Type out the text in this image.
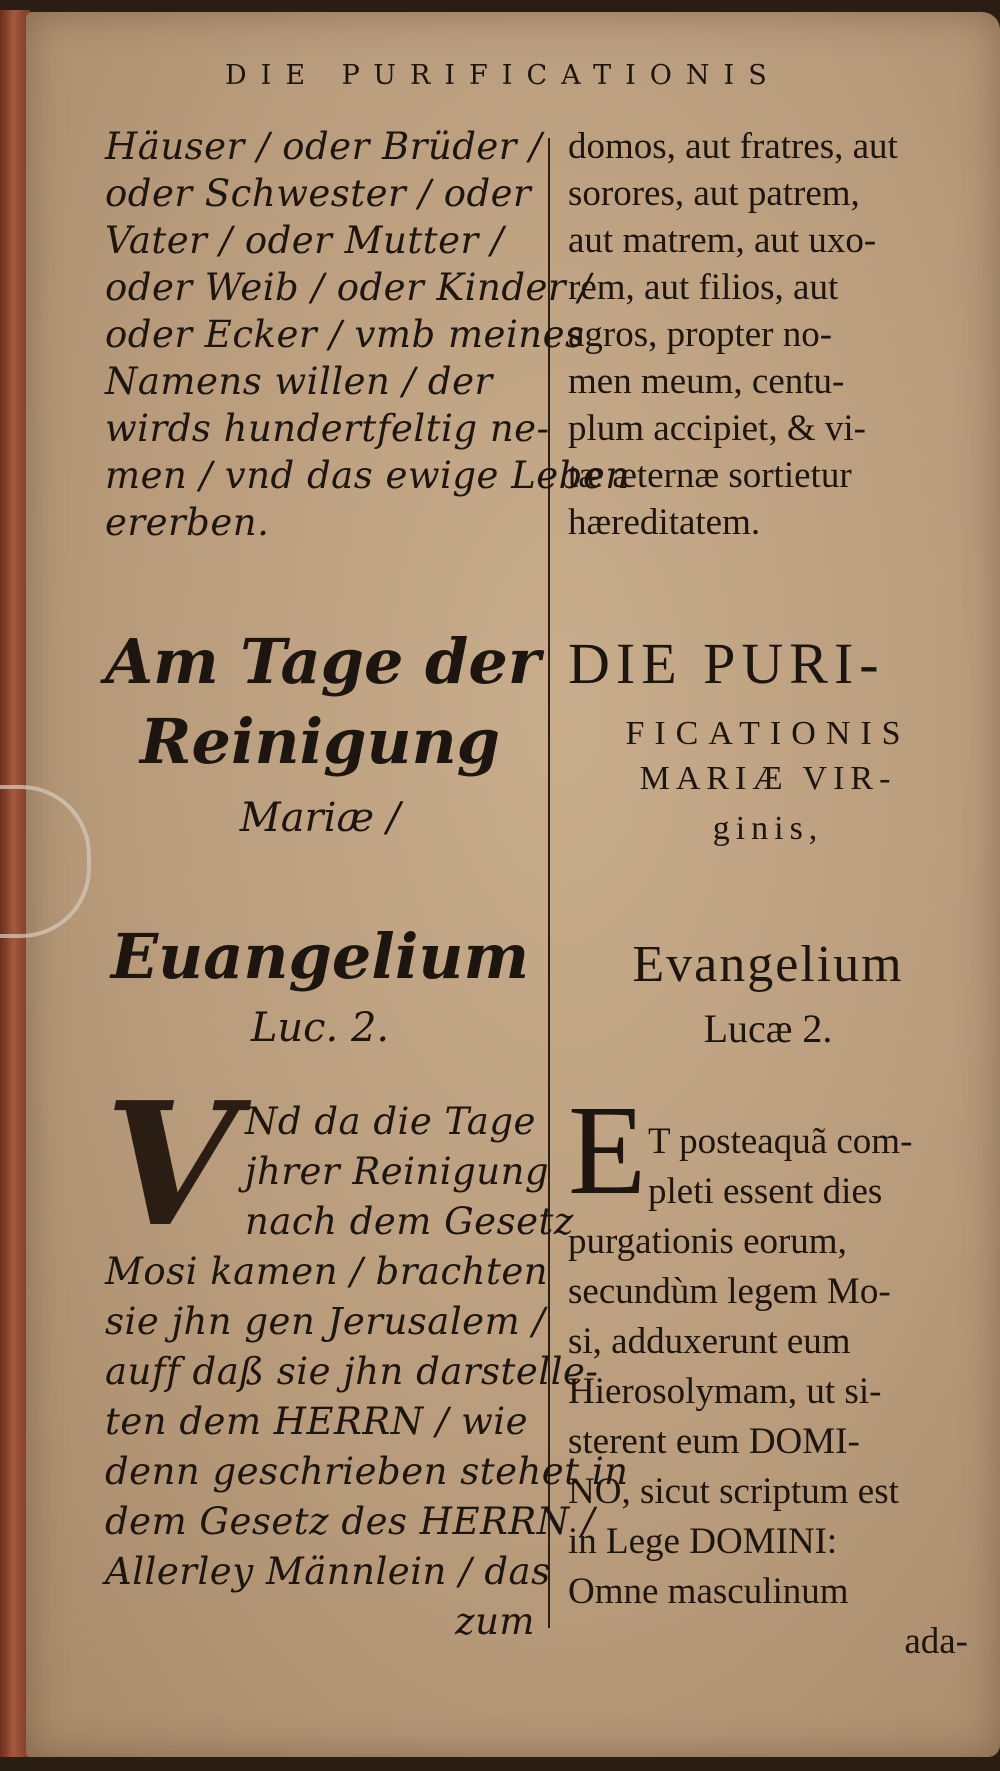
DIE PURIFICATIONIS
Häuser / oder Brüder /
oder Schwester / oder
Vater / oder Mutter /
oder Weib / oder Kinder /
oder Ecker / vmb meines
Namens willen / der
wirds hundertfeltig ne-
men / vnd das ewige Leben
ererben.
Am Tage der
Reinigung
Mariæ /
Euangelium
Luc. 2.
V Nd da die Tage
jhrer Reinigung
nach dem Gesetz
Mosi kamen / brachten
sie jhn gen Jerusalem /
auff daß sie jhn darstelle-
ten dem HERRN / wie
denn geschrieben stehet in
dem Gesetz des HERRN /
Allerley Männlein / das
zum
domos, aut fratres, aut
sorores, aut patrem,
aut matrem, aut uxo-
rem, aut filios, aut
agros, propter no-
men meum, centu-
plum accipiet, & vi-
tæ æternæ sortietur
hæreditatem.
DIE PURI-
FICATIONIS
MARIÆ VIR-
ginis,
Evangelium
Lucæ 2.
E T posteaquã com-
pleti essent dies
purgationis eorum,
secundùm legem Mo-
si, adduxerunt eum
Hierosolymam, ut si-
sterent eum DOMI-
NO, sicut scriptum est
in Lege DOMINI:
Omne masculinum
ada-
